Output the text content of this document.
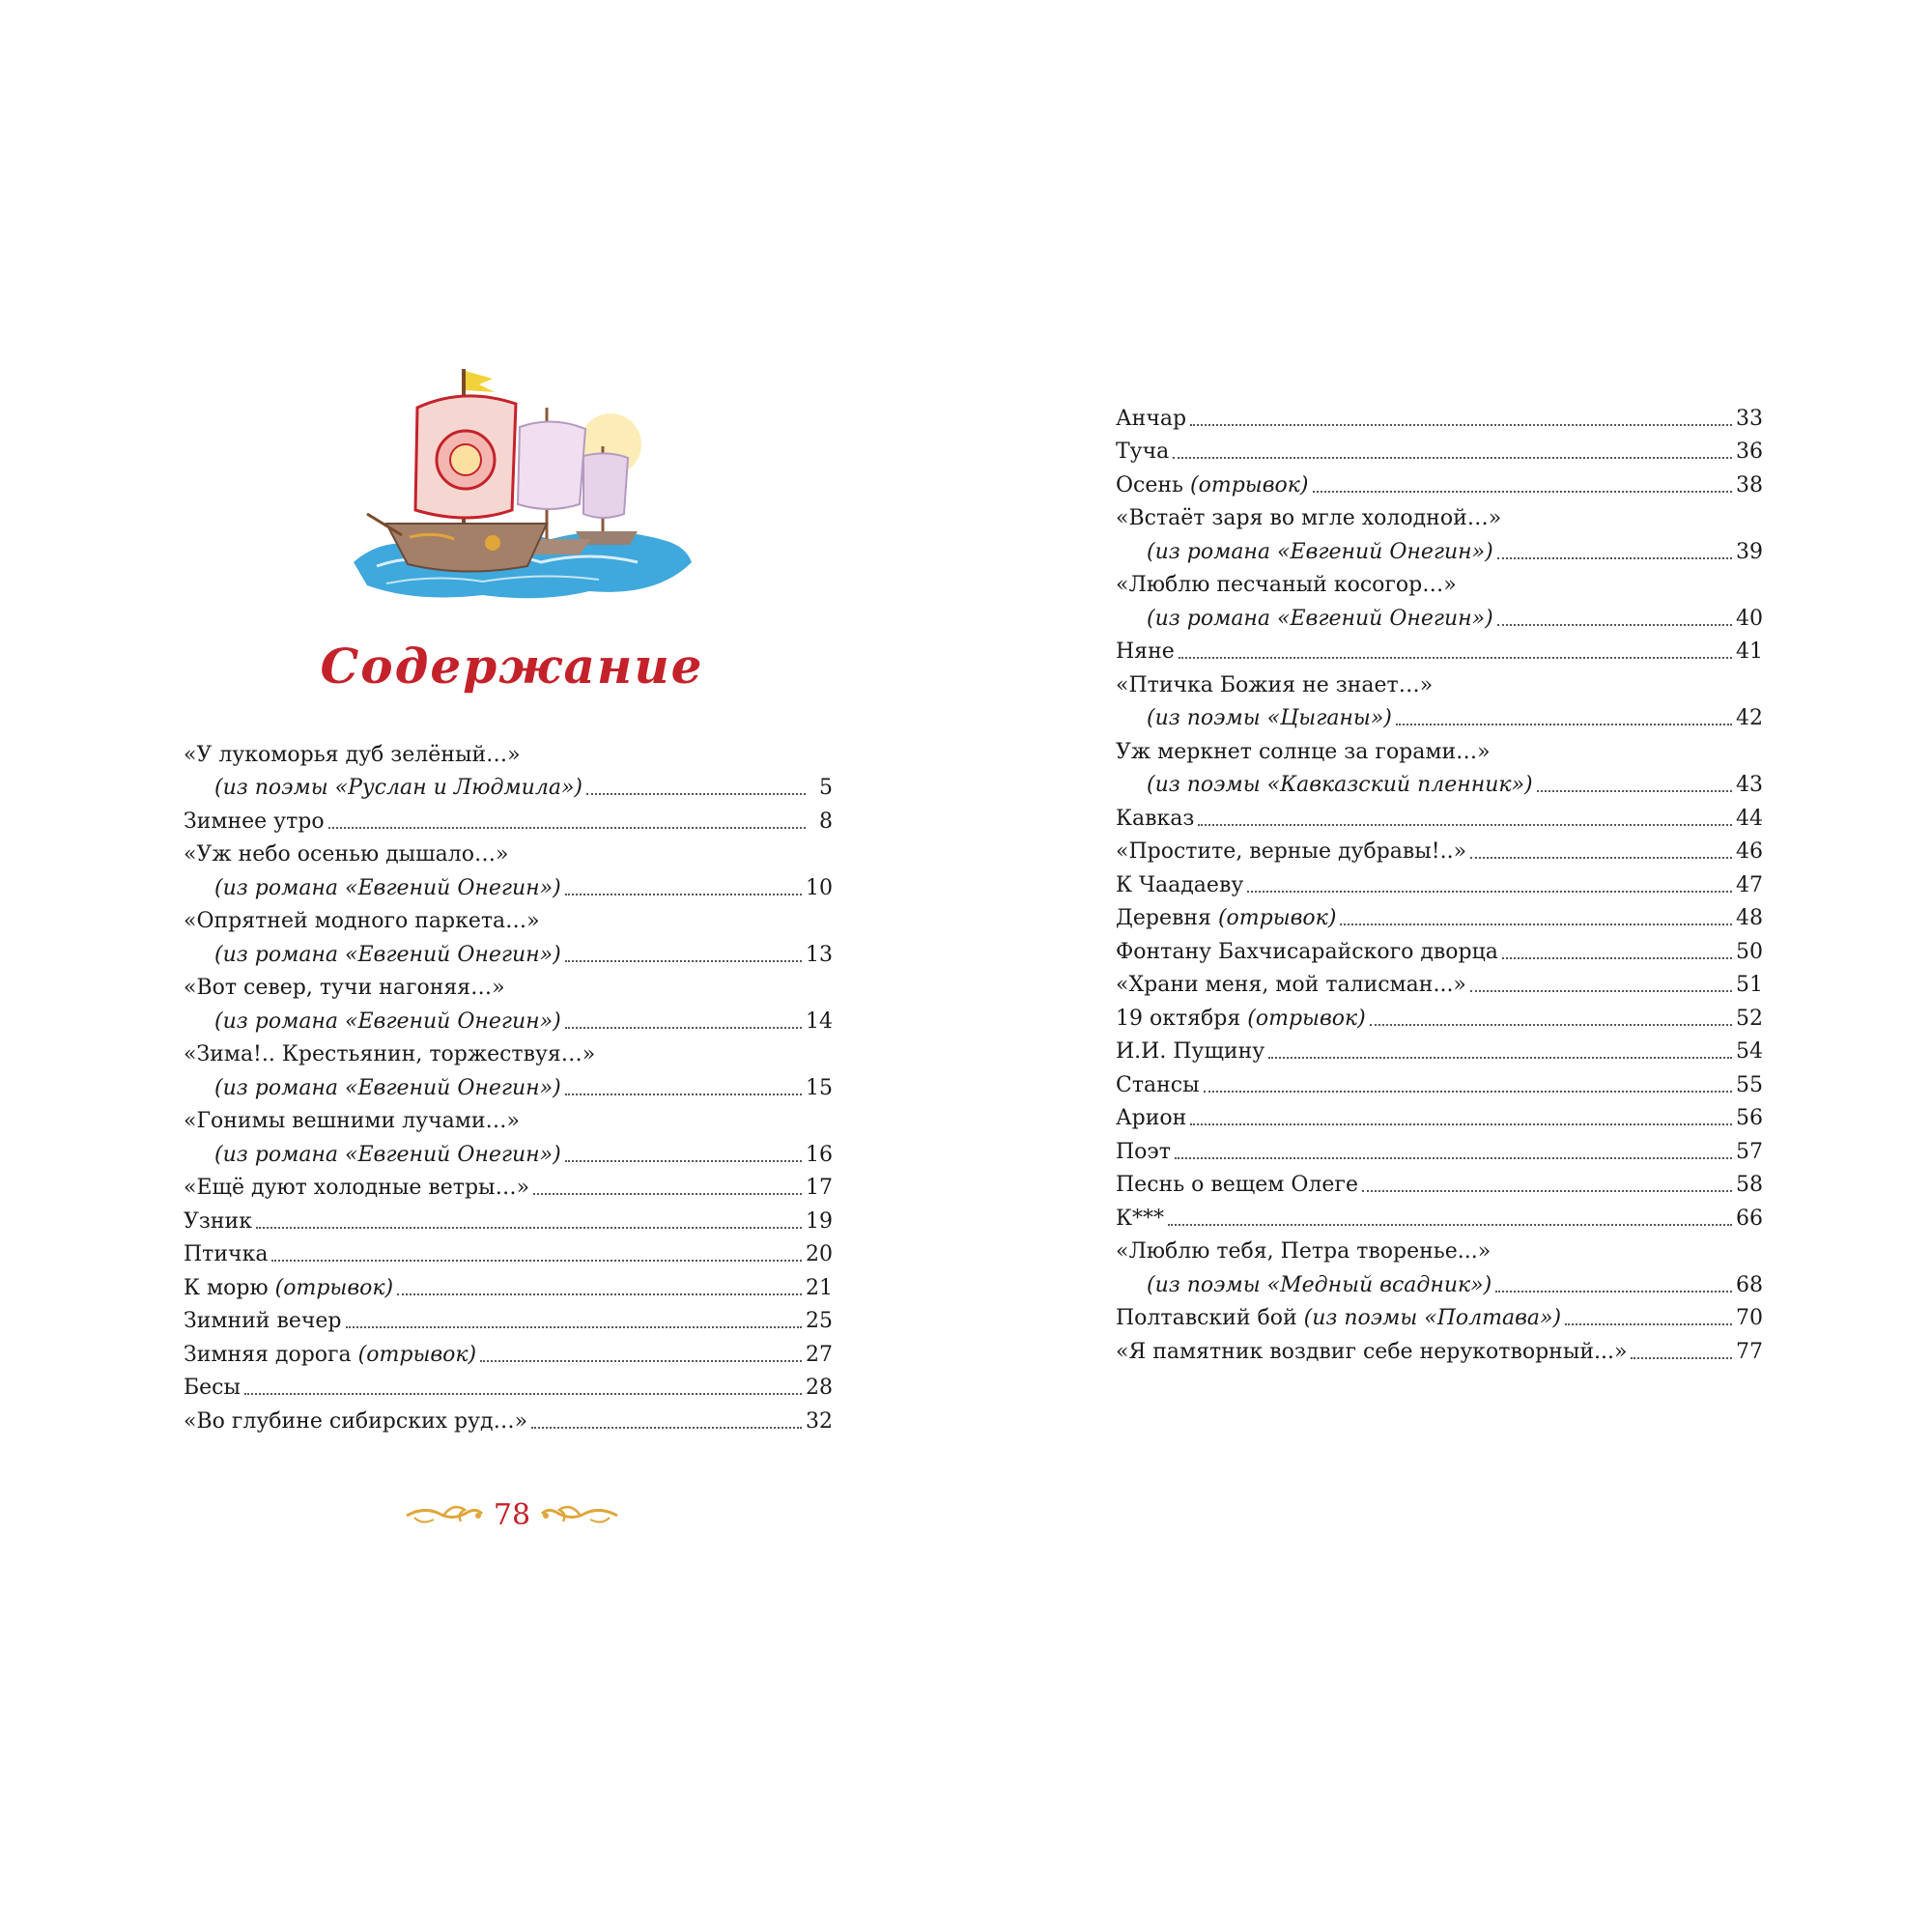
Содержание
«У лукоморья дуб зелёный…»
(из поэмы «Руслан и Людмила»)	5
Зимнее утро	8
«Уж небо осенью дышало…»
(из романа «Евгений Онегин»)	10
«Опрятней модного паркета…»
(из романа «Евгений Онегин»)	13
«Вот север, тучи нагоняя…»
(из романа «Евгений Онегин»)	14
«Зима!.. Крестьянин, торжествуя…»
(из романа «Евгений Онегин»)	15
«Гонимы вешними лучами…»
(из романа «Евгений Онегин»)	16
«Ещё дуют холодные ветры…»	17
Узник	19
Птичка	20
К морю (отрывок)	21
Зимний вечер	25
Зимняя дорога (отрывок)	27
Бесы	28
«Во глубине сибирских руд…»	32
Анчар	33
Туча	36
Осень (отрывок)	38
«Встаёт заря во мгле холодной…»
(из романа «Евгений Онегин»)	39
«Люблю песчаный косогор…»
(из романа «Евгений Онегин»)	40
Няне	41
«Птичка Божия не знает…»
(из поэмы «Цыганы»)	42
Уж меркнет солнце за горами…»
(из поэмы «Кавказский пленник»)	43
Кавказ	44
«Простите, верные дубравы!..»	46
К Чаадаеву	47
Деревня (отрывок)	48
Фонтану Бахчисарайского дворца	50
«Храни меня, мой талисман...»	51
19 октября (отрывок)	52
И.И. Пущину	54
Стансы	55
Арион	56
Поэт	57
Песнь о вещем Олеге	58
К***	66
«Люблю тебя, Петра творенье...»
(из поэмы «Медный всадник»)	68
Полтавский бой (из поэмы «Полтава»)	70
«Я памятник воздвиг себе нерукотворный...»	77
78
